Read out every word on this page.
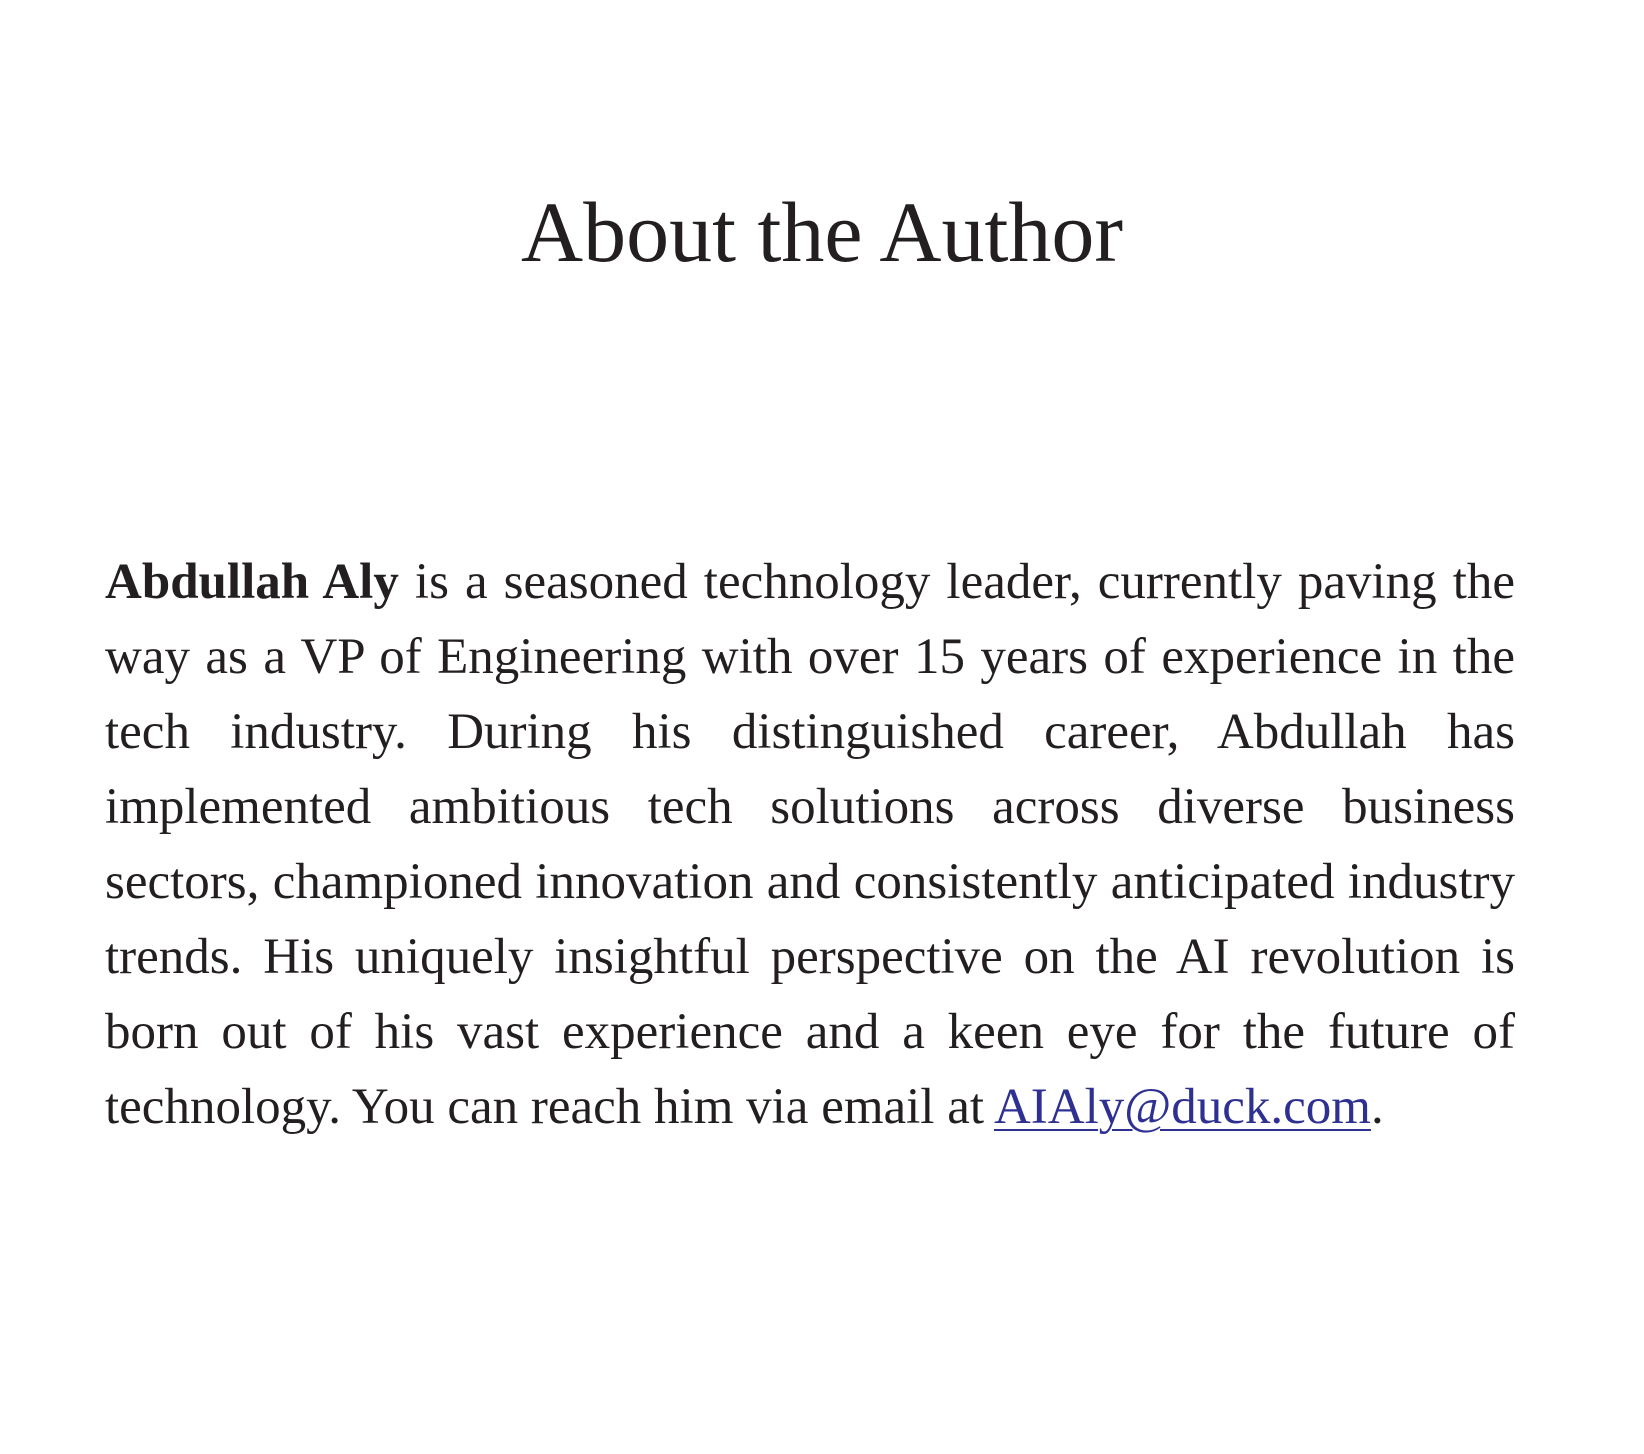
About the Author

Abdullah Aly is a seasoned technology leader, currently paving the way as a VP of Engineering with over 15 years of experience in the tech industry. During his distinguished career, Abdullah has implemented ambitious tech solutions across diverse business sectors, championed innovation and consistently anticipated industry trends. His uniquely insightful perspective on the AI revolution is born out of his vast experience and a keen eye for the future of technology. You can reach him via email at AIAly@duck.com.
